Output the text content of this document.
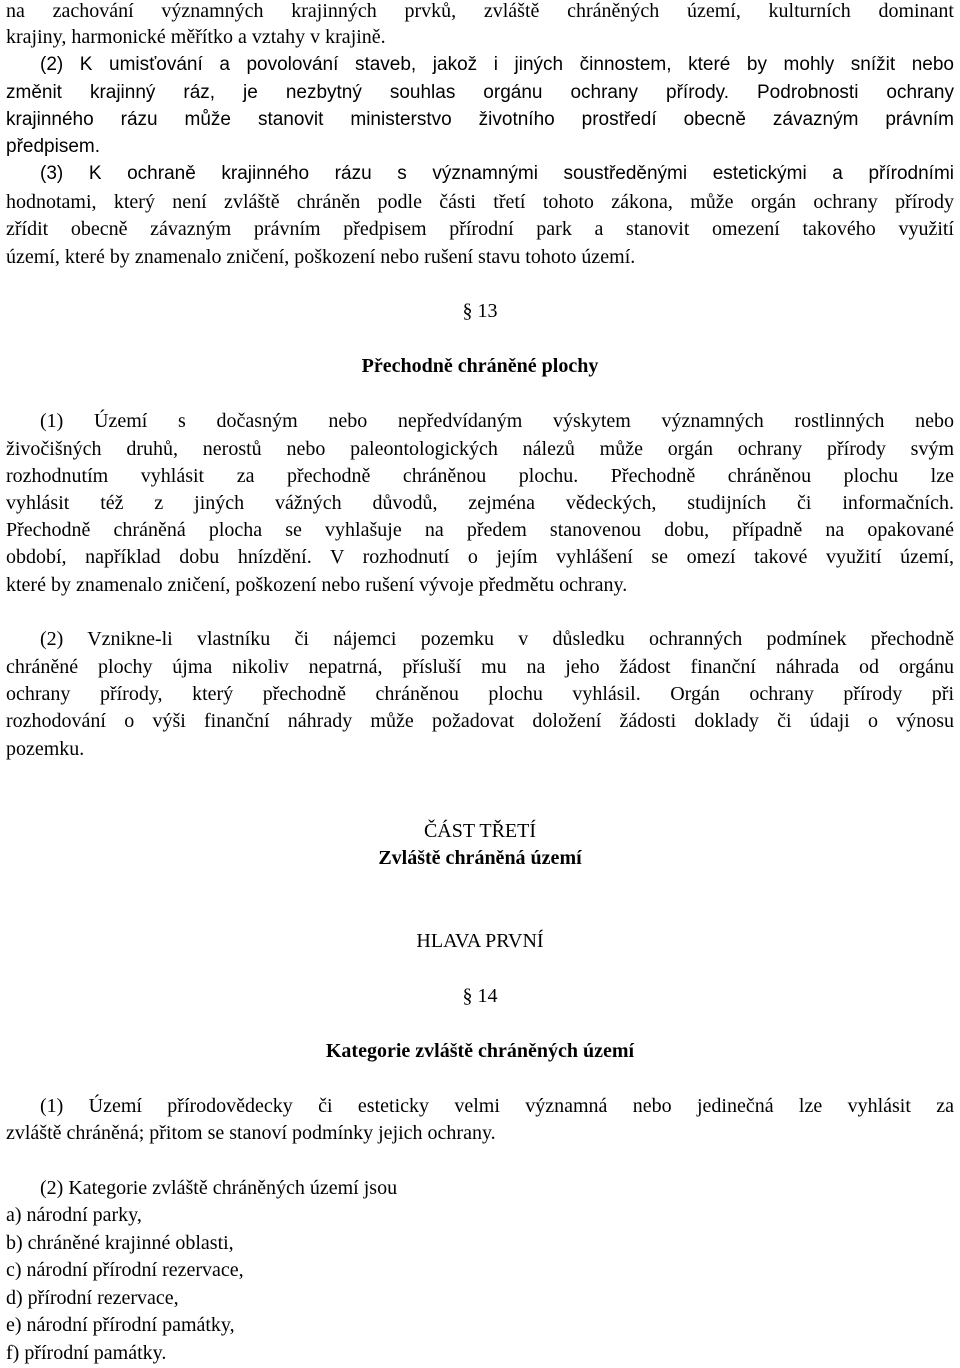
na zachování významných krajinných prvků, zvláště chráněných území, kulturních dominant
krajiny, harmonické měřítko a vztahy v krajině.
(2) K umisťování a povolování staveb, jakož i jiných činnostem, které by mohly snížit nebo
změnit krajinný ráz, je nezbytný souhlas orgánu ochrany přírody. Podrobnosti ochrany
krajinného rázu může stanovit ministerstvo životního prostředí obecně závazným právním
předpisem.
(3) K ochraně krajinného rázu s významnými soustředěnými estetickými a přírodními
hodnotami, který není zvláště chráněn podle části třetí tohoto zákona, může orgán ochrany přírody
zřídit obecně závazným právním předpisem přírodní park a stanovit omezení takového využití
území, které by znamenalo zničení, poškození nebo rušení stavu tohoto území.
§ 13
Přechodně chráněné plochy
(1) Území s dočasným nebo nepředvídaným výskytem významných rostlinných nebo
živočišných druhů, nerostů nebo paleontologických nálezů může orgán ochrany přírody svým
rozhodnutím vyhlásit za přechodně chráněnou plochu. Přechodně chráněnou plochu lze
vyhlásit též z jiných vážných důvodů, zejména vědeckých, studijních či informačních.
Přechodně chráněná plocha se vyhlašuje na předem stanovenou dobu, případně na opakované
období, například dobu hnízdění. V rozhodnutí o jejím vyhlášení se omezí takové využití území,
které by znamenalo zničení, poškození nebo rušení vývoje předmětu ochrany.
(2) Vznikne-li vlastníku či nájemci pozemku v důsledku ochranných podmínek přechodně
chráněné plochy újma nikoliv nepatrná, přísluší mu na jeho žádost finanční náhrada od orgánu
ochrany přírody, který přechodně chráněnou plochu vyhlásil. Orgán ochrany přírody při
rozhodování o výši finanční náhrady může požadovat doložení žádosti doklady či údaji o výnosu
pozemku.
ČÁST TŘETÍ
Zvláště chráněná území
HLAVA PRVNÍ
§ 14
Kategorie zvláště chráněných území
(1) Území přírodovědecky či esteticky velmi významná nebo jedinečná lze vyhlásit za
zvláště chráněná; přitom se stanoví podmínky jejich ochrany.
(2) Kategorie zvláště chráněných území jsou
a) národní parky,
b) chráněné krajinné oblasti,
c) národní přírodní rezervace,
d) přírodní rezervace,
e) národní přírodní památky,
f) přírodní památky.
